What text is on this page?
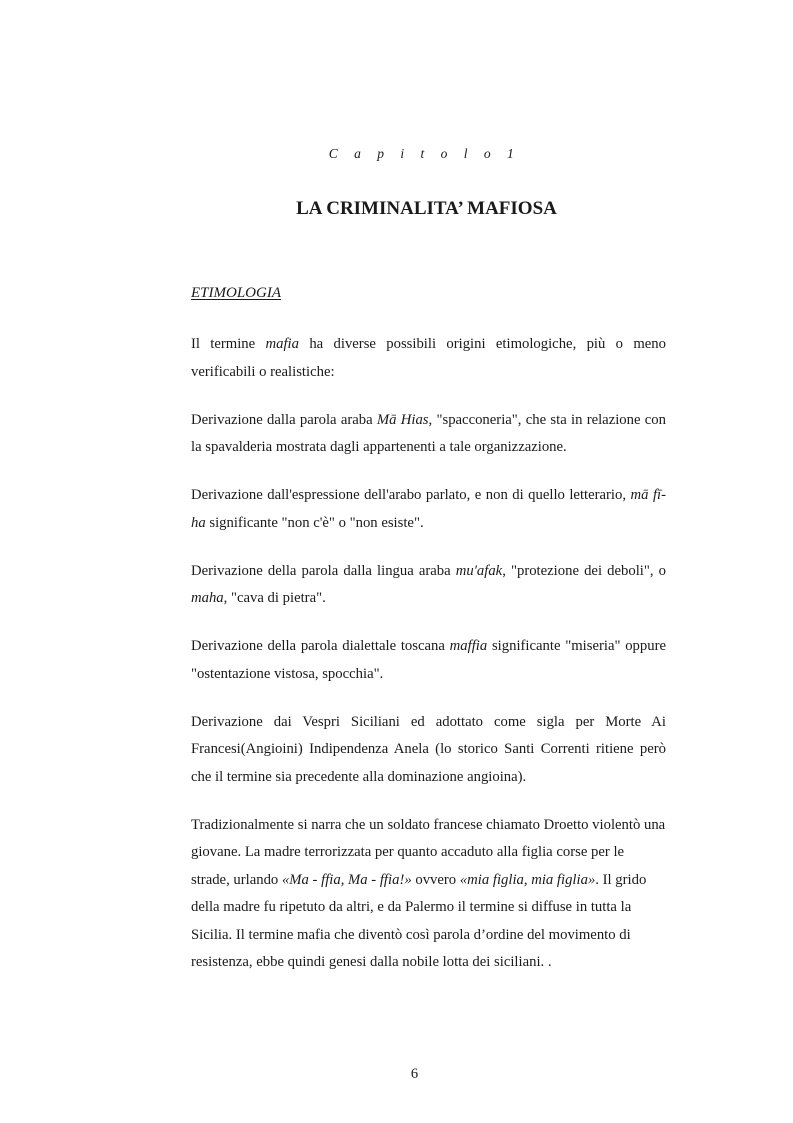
C a p i t o l o 1
LA CRIMINALITA’ MAFIOSA
ETIMOLOGIA

Il termine mafia ha diverse possibili origini etimologiche, più o meno verificabili o realistiche:

Derivazione dalla parola araba Mā Hias, "spacconeria", che sta in relazione con la spavalderia mostrata dagli appartenenti a tale organizzazione.

Derivazione dall'espressione dell'arabo parlato, e non di quello letterario, mā fī-ha significante "non c'è" o "non esiste".

Derivazione della parola dalla lingua araba mu'afak, "protezione dei deboli", o maha, "cava di pietra".

Derivazione della parola dialettale toscana maffia significante "miseria" oppure "ostentazione vistosa, spocchia".

Derivazione dai Vespri Siciliani ed adottato come sigla per Morte Ai Francesi(Angioini) Indipendenza Anela (lo storico Santi Correnti ritiene però che il termine sia precedente alla dominazione angioina).

Tradizionalmente si narra che un soldato francese chiamato Droetto violentò una giovane. La madre terrorizzata per quanto accaduto alla figlia corse per le strade, urlando «Ma - ffia, Ma - ffia!» ovvero «mia figlia, mia figlia». Il grido della madre fu ripetuto da altri, e da Palermo il termine si diffuse in tutta la Sicilia. Il termine mafia che diventò così parola d’ordine del movimento di resistenza, ebbe quindi genesi dalla nobile lotta dei siciliani. .

6
